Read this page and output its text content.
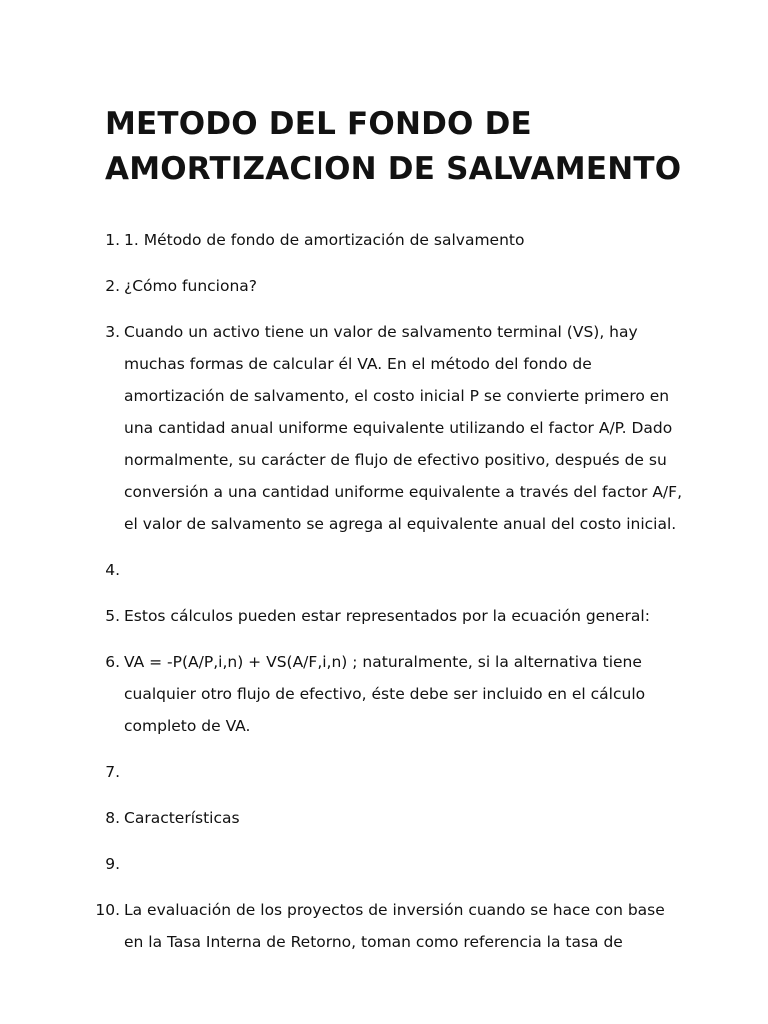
METODO DEL FONDO DE AMORTIZACION DE SALVAMENTO
1. 1. Método de fondo de amortización de salvamento
2. ¿Cómo funciona?
3. Cuando un activo tiene un valor de salvamento terminal (VS), hay muchas formas de calcular él VA. En el método del fondo de amortización de salvamento, el costo inicial P se convierte primero en una cantidad anual uniforme equivalente utilizando el factor A/P. Dado normalmente, su carácter de flujo de efectivo positivo, después de su conversión a una cantidad uniforme equivalente a través del factor A/F, el valor de salvamento se agrega al equivalente anual del costo inicial.
4.

5. Estos cálculos pueden estar representados por la ecuación general:
6. VA = -P(A/P,i,n) + VS(A/F,i,n) ; naturalmente, si la alternativa tiene cualquier otro flujo de efectivo, éste debe ser incluido en el cálculo completo de VA.
7.

8. Características
9.

10. La evaluación de los proyectos de inversión cuando se hace con base en la Tasa Interna de Retorno, toman como referencia la tasa de
